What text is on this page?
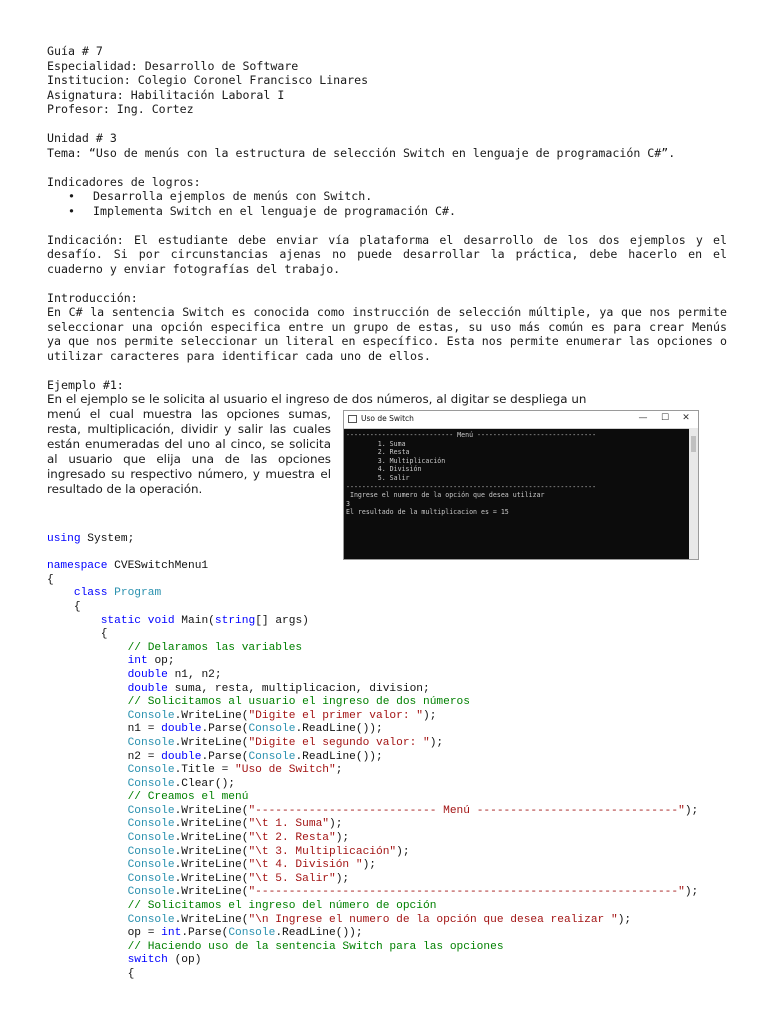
Guía # 7
Especialidad: Desarrollo de Software
Institucion: Colegio Coronel Francisco Linares
Asignatura: Habilitación Laboral I
Profesor: Ing. Cortez
Unidad # 3
Tema: “Uso de menús con la estructura de selección Switch en lenguaje de programación C#”.
Indicadores de logros:
• Desarrolla ejemplos de menús con Switch.
• Implementa Switch en el lenguaje de programación C#.
Indicación: El estudiante debe enviar vía plataforma el desarrollo de los dos ejemplos y el desafío. Si por circunstancias ajenas no puede desarrollar la práctica, debe hacerlo en el cuaderno y enviar fotografías del trabajo.
Introducción:
En C# la sentencia Switch es conocida como instrucción de selección múltiple, ya que nos permite seleccionar una opción especifica entre un grupo de estas, su uso más común es para crear Menús ya que nos permite seleccionar un literal en específico. Esta nos permite enumerar las opciones o utilizar caracteres para identificar cada uno de ellos.
Ejemplo #1:
En el ejemplo se le solicita al usuario el ingreso de dos números, al digitar se despliega un
menú el cual muestra las opciones sumas, resta, multiplicación, dividir y salir las cuales están enumeradas del uno al cinco, se solicita al usuario que elija una de las opciones ingresado su respectivo número, y muestra el resultado de la operación.
Uso de Switch	—	☐	✕
--------------------------- Menú ------------------------------
1. Suma
2. Resta
3. Multiplicación
4. División
5. Salir
---------------------------------------------------------------
Ingrese el numero de la opción que desea utilizar
3
El resultado de la multiplicacion es = 15
using System;

namespace CVESwitchMenu1
{
class Program
{
static void Main(string[] args)
{
// Delaramos las variables
int op;
double n1, n2;
double suma, resta, multiplicacion, division;
// Solicitamos al usuario el ingreso de dos números
Console.WriteLine("Digite el primer valor: ");
n1 = double.Parse(Console.ReadLine());
Console.WriteLine("Digite el segundo valor: ");
n2 = double.Parse(Console.ReadLine());
Console.Title = "Uso de Switch";
Console.Clear();
// Creamos el menú
Console.WriteLine("--------------------------- Menú ------------------------------");
Console.WriteLine("\t 1. Suma");
Console.WriteLine("\t 2. Resta");
Console.WriteLine("\t 3. Multiplicación");
Console.WriteLine("\t 4. División ");
Console.WriteLine("\t 5. Salir");
Console.WriteLine("---------------------------------------------------------------");
// Solicitamos el ingreso del número de opción
Console.WriteLine("\n Ingrese el numero de la opción que desea realizar ");
op = int.Parse(Console.ReadLine());
// Haciendo uso de la sentencia Switch para las opciones
switch (op)
{
